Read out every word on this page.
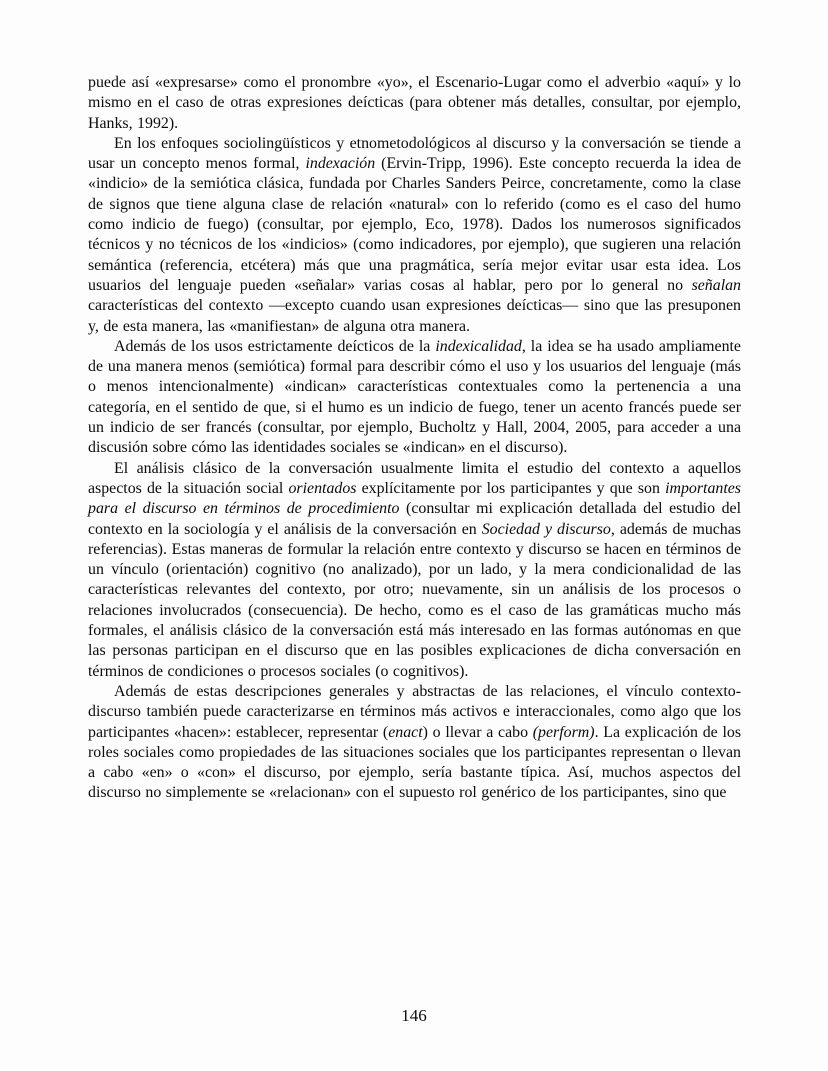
puede así «expresarse» como el pronombre «yo», el Escenario-Lugar como el adverbio «aquí» y lo mismo en el caso de otras expresiones deícticas (para obtener más detalles, consultar, por ejemplo, Hanks, 1992).

En los enfoques sociolingüísticos y etnometodológicos al discurso y la conversación se tiende a usar un concepto menos formal, indexación (Ervin-Tripp, 1996). Este concepto recuerda la idea de «indicio» de la semiótica clásica, fundada por Charles Sanders Peirce, concretamente, como la clase de signos que tiene alguna clase de relación «natural» con lo referido (como es el caso del humo como indicio de fuego) (consultar, por ejemplo, Eco, 1978). Dados los numerosos significados técnicos y no técnicos de los «indicios» (como indicadores, por ejemplo), que sugieren una relación semántica (referencia, etcétera) más que una pragmática, sería mejor evitar usar esta idea. Los usuarios del lenguaje pueden «señalar» varias cosas al hablar, pero por lo general no señalan características del contexto —excepto cuando usan expresiones deícticas— sino que las presuponen y, de esta manera, las «manifiestan» de alguna otra manera.

Además de los usos estrictamente deícticos de la indexicalidad, la idea se ha usado ampliamente de una manera menos (semiótica) formal para describir cómo el uso y los usuarios del lenguaje (más o menos intencionalmente) «indican» características contextuales como la pertenencia a una categoría, en el sentido de que, si el humo es un indicio de fuego, tener un acento francés puede ser un indicio de ser francés (consultar, por ejemplo, Bucholtz y Hall, 2004, 2005, para acceder a una discusión sobre cómo las identidades sociales se «indican» en el discurso).

El análisis clásico de la conversación usualmente limita el estudio del contexto a aquellos aspectos de la situación social orientados explícitamente por los participantes y que son importantes para el discurso en términos de procedimiento (consultar mi explicación detallada del estudio del contexto en la sociología y el análisis de la conversación en Sociedad y discurso, además de muchas referencias). Estas maneras de formular la relación entre contexto y discurso se hacen en términos de un vínculo (orientación) cognitivo (no analizado), por un lado, y la mera condicionalidad de las características relevantes del contexto, por otro; nuevamente, sin un análisis de los procesos o relaciones involucrados (consecuencia). De hecho, como es el caso de las gramáticas mucho más formales, el análisis clásico de la conversación está más interesado en las formas autónomas en que las personas participan en el discurso que en las posibles explicaciones de dicha conversación en términos de condiciones o procesos sociales (o cognitivos).

Además de estas descripciones generales y abstractas de las relaciones, el vínculo contexto-discurso también puede caracterizarse en términos más activos e interaccionales, como algo que los participantes «hacen»: establecer, representar (enact) o llevar a cabo (perform). La explicación de los roles sociales como propiedades de las situaciones sociales que los participantes representan o llevan a cabo «en» o «con» el discurso, por ejemplo, sería bastante típica. Así, muchos aspectos del discurso no simplemente se «relacionan» con el supuesto rol genérico de los participantes, sino que

146
